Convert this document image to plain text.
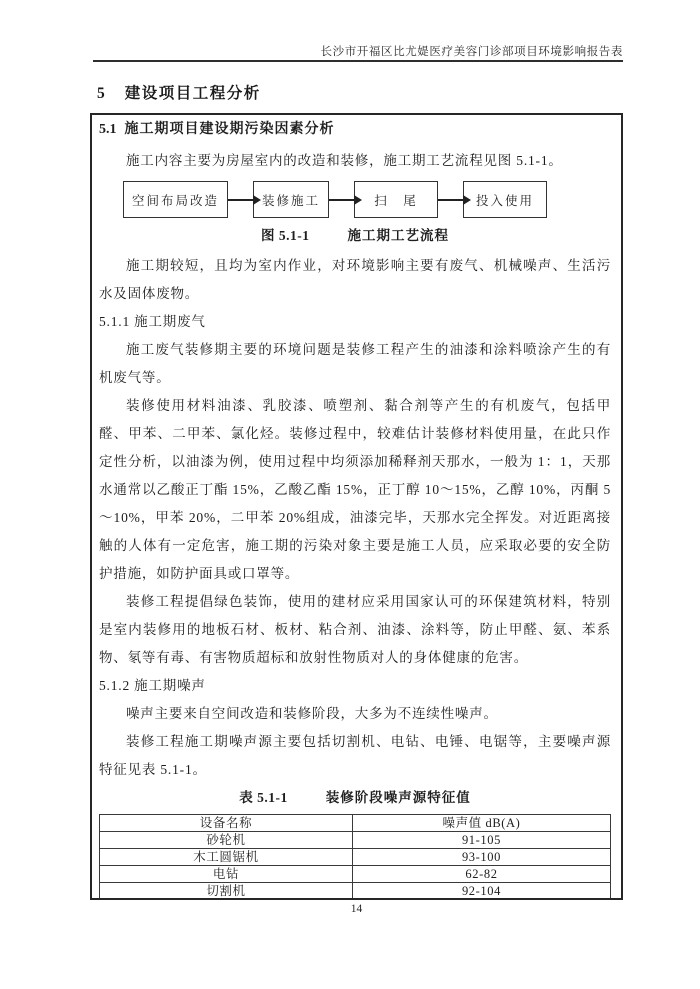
长沙市开福区比尤媞医疗美容门诊部项目环境影响报告表
5 建设项目工程分析
5.1 施工期项目建设期污染因素分析

施工内容主要为房屋室内的改造和装修，施工期工艺流程见图 5.1-1。

空间布局改造	装修施工	扫　尾	投入使用
图 5.1-1	施工期工艺流程

施工期较短，且均为室内作业，对环境影响主要有废气、机械噪声、生活污水及固体废物。

5.1.1 施工期废气

施工废气装修期主要的环境问题是装修工程产生的油漆和涂料喷涂产生的有机废气等。

装修使用材料油漆、乳胶漆、喷塑剂、黏合剂等产生的有机废气，包括甲醛、甲苯、二甲苯、氯化烃。装修过程中，较难估计装修材料使用量，在此只作定性分析，以油漆为例，使用过程中均须添加稀释剂天那水，一般为 1：1，天那水通常以乙酸正丁酯 15%，乙酸乙酯 15%，正丁醇 10～15%，乙醇 10%，丙酮 5～10%，甲苯 20%，二甲苯 20%组成，油漆完毕，天那水完全挥发。对近距离接触的人体有一定危害，施工期的污染对象主要是施工人员，应采取必要的安全防护措施，如防护面具或口罩等。

装修工程提倡绿色装饰，使用的建材应采用国家认可的环保建筑材料，特别是室内装修用的地板石材、板材、粘合剂、油漆、涂料等，防止甲醛、氨、苯系物、氡等有毒、有害物质超标和放射性物质对人的身体健康的危害。

5.1.2 施工期噪声

噪声主要来自空间改造和装修阶段，大多为不连续性噪声。

装修工程施工期噪声源主要包括切割机、电钻、电锤、电锯等，主要噪声源特征见表 5.1-1。

表 5.1-1	装修阶段噪声源特征值
设备名称	噪声值 dB(A)
砂轮机	91-105
木工圆锯机	93-100
电钻	62-82
切割机	92-104
14
